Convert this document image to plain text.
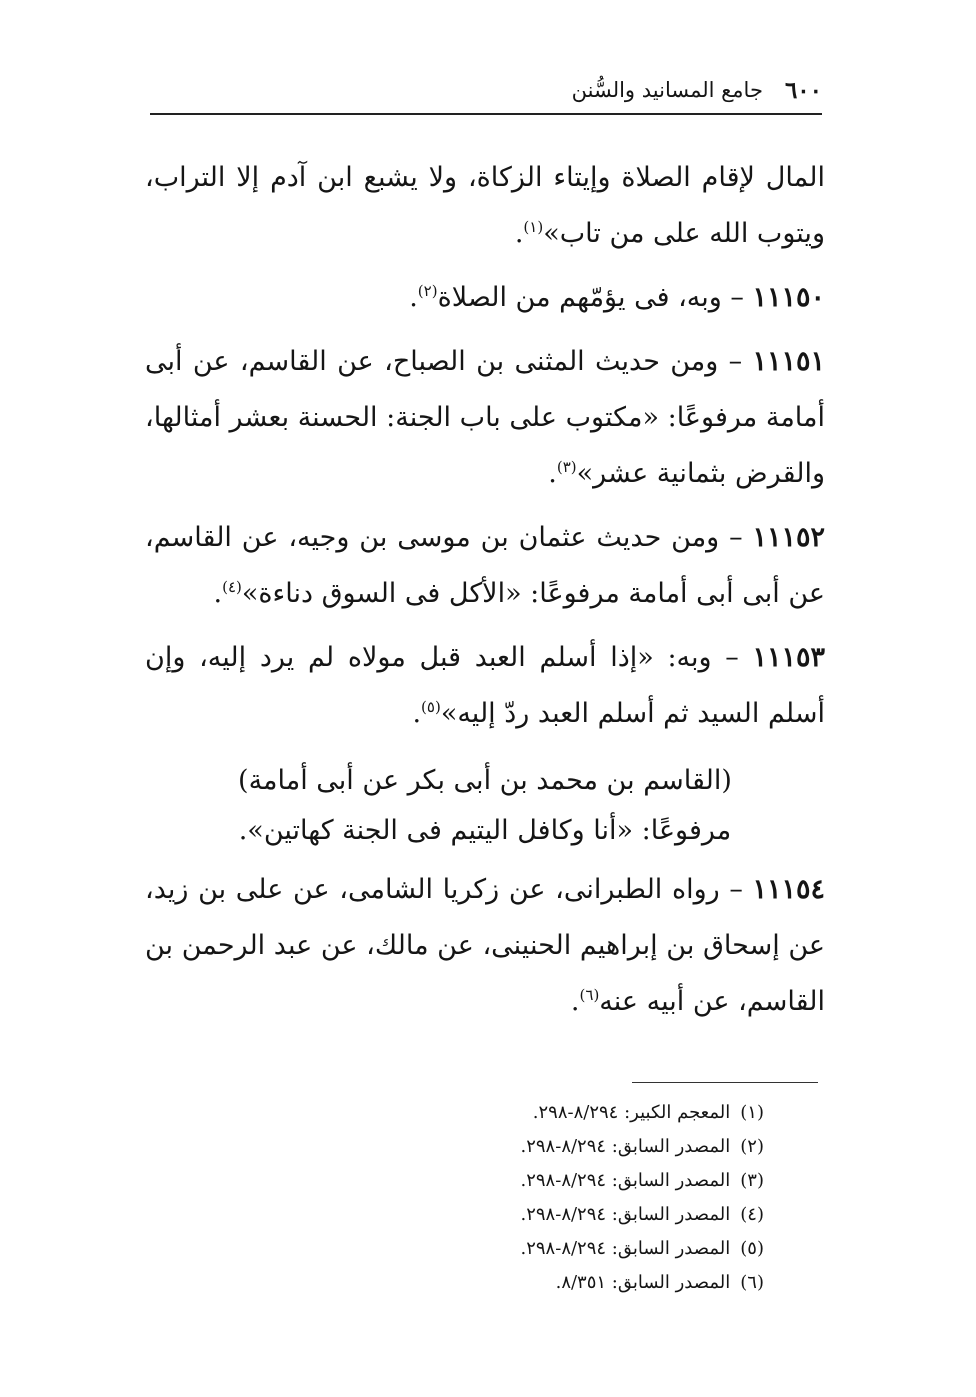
٦٠٠
جامع المسانيد والسُّنن

المال لإقام الصلاة وإيتاء الزكاة، ولا يشبع ابن آدم إلا التراب، ويتوب الله على من تاب»$^{(١)}$.

١١١٥٠ – وبه، فى يؤمّهم من الصلاة$^{(٢)}$.

١١١٥١ – ومن حديث المثنى بن الصباح، عن القاسم، عن أبى أمامة مرفوعًا: «مكتوب على باب الجنة: الحسنة بعشر أمثالها، والقرض بثمانية عشر»$^{(٣)}$.

١١١٥٢ – ومن حديث عثمان بن موسى بن وجيه، عن القاسم، عن أبى أبى أمامة مرفوعًا: «الأكل فى السوق دناءة»$^{(٤)}$.

١١١٥٣ – وبه: «إذا أسلم العبد قبل مولاه لم يرد إليه، وإن أسلم السيد ثم أسلم العبد ردّ إليه»$^{(٥)}$.

(القاسم بن محمد بن أبى بكر عن أبى أمامة)
مرفوعًا: «أنا وكافل اليتيم فى الجنة كهاتين».

١١١٥٤ – رواه الطبرانى، عن زكريا الشامى، عن على بن زيد، عن إسحاق بن إبراهيم الحنينى، عن مالك، عن عبد الرحمن بن القاسم، عن أبيه عنه$^{(٦)}$.

(١)المعجم الكبير: ٨/٢٩٤-٢٩٨.
(٢)المصدر السابق: ٨/٢٩٤-٢٩٨.
(٣)المصدر السابق: ٨/٢٩٤-٢٩٨.
(٤)المصدر السابق: ٨/٢٩٤-٢٩٨.
(٥)المصدر السابق: ٨/٢٩٤-٢٩٨.
(٦)المصدر السابق: ٨/٣٥١.
